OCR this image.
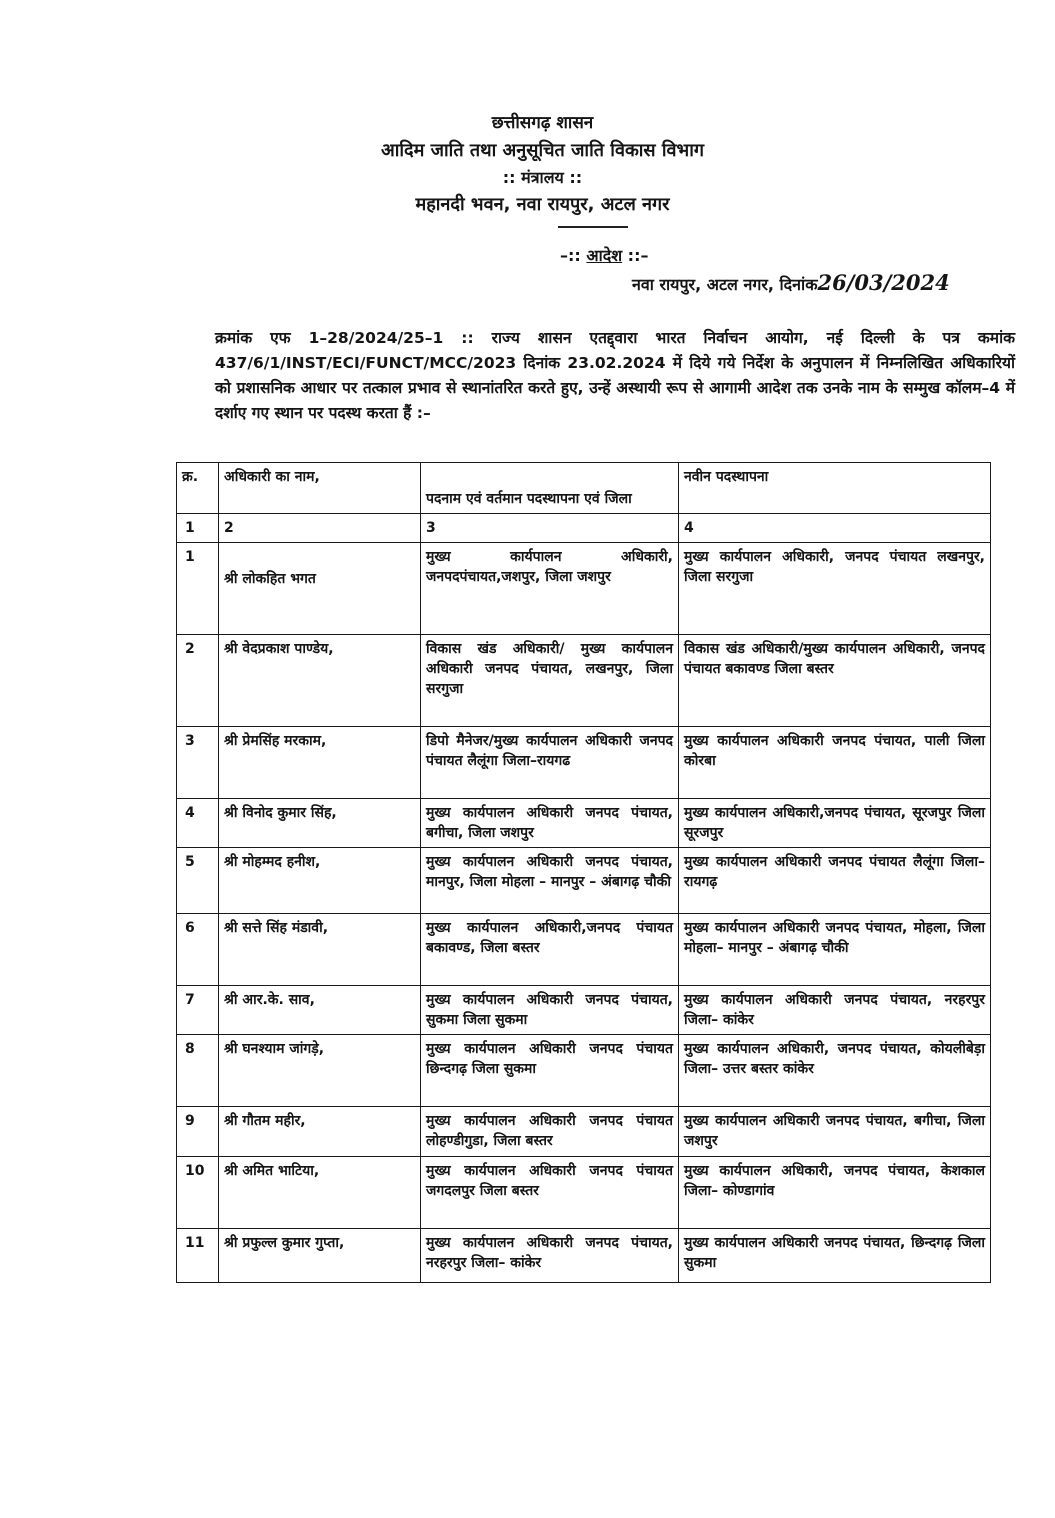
छत्तीसगढ़ शासन
आदिम जाति तथा अनुसूचित जाति विकास विभाग
:: मंत्रालय ::
महानदी भवन, नवा रायपुर, अटल नगर
–:: आदेश ::–
नवा रायपुर, अटल नगर, दिनांक26/03/2024
क्रमांक एफ 1–28/2024/25–1 :: राज्य शासन एतद्द्वारा भारत निर्वाचन आयोग, नई दिल्ली के पत्र कमांक 437/6/1/INST/ECI/FUNCT/MCC/2023 दिनांक 23.02.2024 में दिये गये निर्देश के अनुपालन में निम्नलिखित अधिकारियों को प्रशासनिक आधार पर तत्काल प्रभाव से स्थानांतरित करते हुए, उन्हें अस्थायी रूप से आगामी आदेश तक उनके नाम के सम्मुख कॉलम–4 में दर्शाए गए स्थान पर पदस्थ करता हैं :–
क्र.	अधिकारी का नाम,	पदनाम एवं वर्तमान पदस्थापना एवं जिला	नवीन पदस्थापना
1	2	3	4
1	श्री लोकहित भगत	मुख्य कार्यपालन अधिकारी, जनपदपंचायत,जशपुर, जिला जशपुर	मुख्य कार्यपालन अधिकारी, जनपद पंचायत लखनपुर, जिला सरगुजा
2	श्री वेदप्रकाश पाण्डेय,	विकास खंड अधिकारी/ मुख्य कार्यपालन अधिकारी जनपद पंचायत, लखनपुर, जिला सरगुजा	विकास खंड अधिकारी/मुख्य कार्यपालन अधिकारी, जनपद पंचायत बकावण्ड जिला बस्तर
3	श्री प्रेमसिंह मरकाम,	डिपो मैनेजर/मुख्य कार्यपालन अधिकारी जनपद पंचायत लैलूंगा जिला–रायगढ	मुख्य कार्यपालन अधिकारी जनपद पंचायत, पाली जिला कोरबा
4	श्री विनोद कुमार सिंह,	मुख्य कार्यपालन अधिकारी जनपद पंचायत, बगीचा, जिला जशपुर	मुख्य कार्यपालन अधिकारी,जनपद पंचायत, सूरजपुर जिला सूरजपुर
5	श्री मोहम्मद हनीश,	मुख्य कार्यपालन अधिकारी जनपद पंचायत, मानपुर, जिला मोहला – मानपुर – अंबागढ़ चौकी	मुख्य कार्यपालन अधिकारी जनपद पंचायत लैलूंगा जिला–रायगढ़
6	श्री सत्ते सिंह मंडावी,	मुख्य कार्यपालन अधिकारी,जनपद पंचायत बकावण्ड, जिला बस्तर	मुख्य कार्यपालन अधिकारी जनपद पंचायत, मोहला, जिला मोहला– मानपुर – अंबागढ़ चौकी
7	श्री आर.के. साव,	मुख्य कार्यपालन अधिकारी जनपद पंचायत, सुकमा जिला सुकमा	मुख्य कार्यपालन अधिकारी जनपद पंचायत, नरहरपुर जिला– कांकेर
8	श्री घनश्याम जांगड़े,	मुख्य कार्यपालन अधिकारी जनपद पंचायत छिन्दगढ़ जिला सुकमा	मुख्य कार्यपालन अधिकारी, जनपद पंचायत, कोयलीबेड़ा जिला– उत्तर बस्तर कांकेर
9	श्री गौतम महीर,	मुख्य कार्यपालन अधिकारी जनपद पंचायत लोहण्डीगुडा, जिला बस्तर	मुख्य कार्यपालन अधिकारी जनपद पंचायत, बगीचा, जिला जशपुर
10	श्री अमित भाटिया,	मुख्य कार्यपालन अधिकारी जनपद पंचायत जगदलपुर जिला बस्तर	मुख्य कार्यपालन अधिकारी, जनपद पंचायत, केशकाल जिला– कोण्डागांव
11	श्री प्रफुल्ल कुमार गुप्ता,	मुख्य कार्यपालन अधिकारी जनपद पंचायत, नरहरपुर जिला– कांकेर	मुख्य कार्यपालन अधिकारी जनपद पंचायत, छिन्दगढ़ जिला सुकमा
